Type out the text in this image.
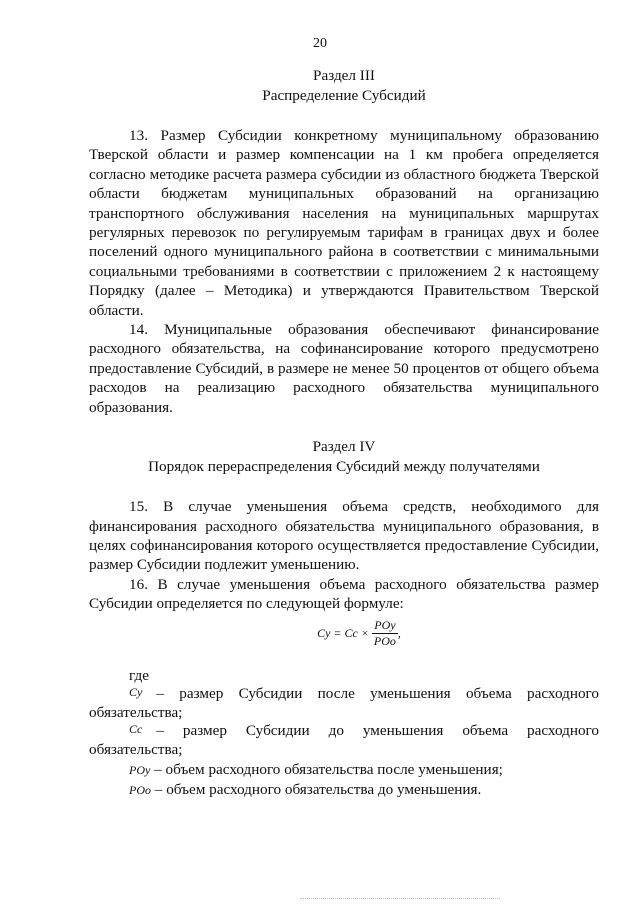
20
Раздел III
Распределение Субсидий

13. Размер Субсидии конкретному муниципальному образованию Тверской области и размер компенсации на 1 км пробега определяется согласно методике расчета размера субсидии из областного бюджета Тверской области бюджетам муниципальных образований на организацию транспортного обслуживания населения на муниципальных маршрутах регулярных перевозок по регулируемым тарифам в границах двух и более поселений одного муниципального района в соответствии с минимальными социальными требованиями в соответствии с приложением 2 к настоящему Порядку (далее – Методика) и утверждаются Правительством Тверской области.

14. Муниципальные образования обеспечивают финансирование расходного обязательства, на софинансирование которого предусмотрено предоставление Субсидий, в размере не менее 50 процентов от общего объема расходов на реализацию расходного обязательства муниципального образования.

Раздел IV
Порядок перераспределения Субсидий между получателями

15. В случае уменьшения объема средств, необходимого для финансирования расходного обязательства муниципального образования, в целях софинансирования которого осуществляется предоставление Субсидии, размер Субсидии подлежит уменьшению.

16. В случае уменьшения объема расходного обязательства размер Субсидии определяется по следующей формуле:

Cу = Cс × $\frac{\text{POу}}{\text{POо}}$ ,

где

Cу – размер Субсидии после уменьшения объема расходного

обязательства;

Cс – размер Субсидии до уменьшения объема расходного

обязательства;

POу – объем расходного обязательства после уменьшения;

POо – объем расходного обязательства до уменьшения.
